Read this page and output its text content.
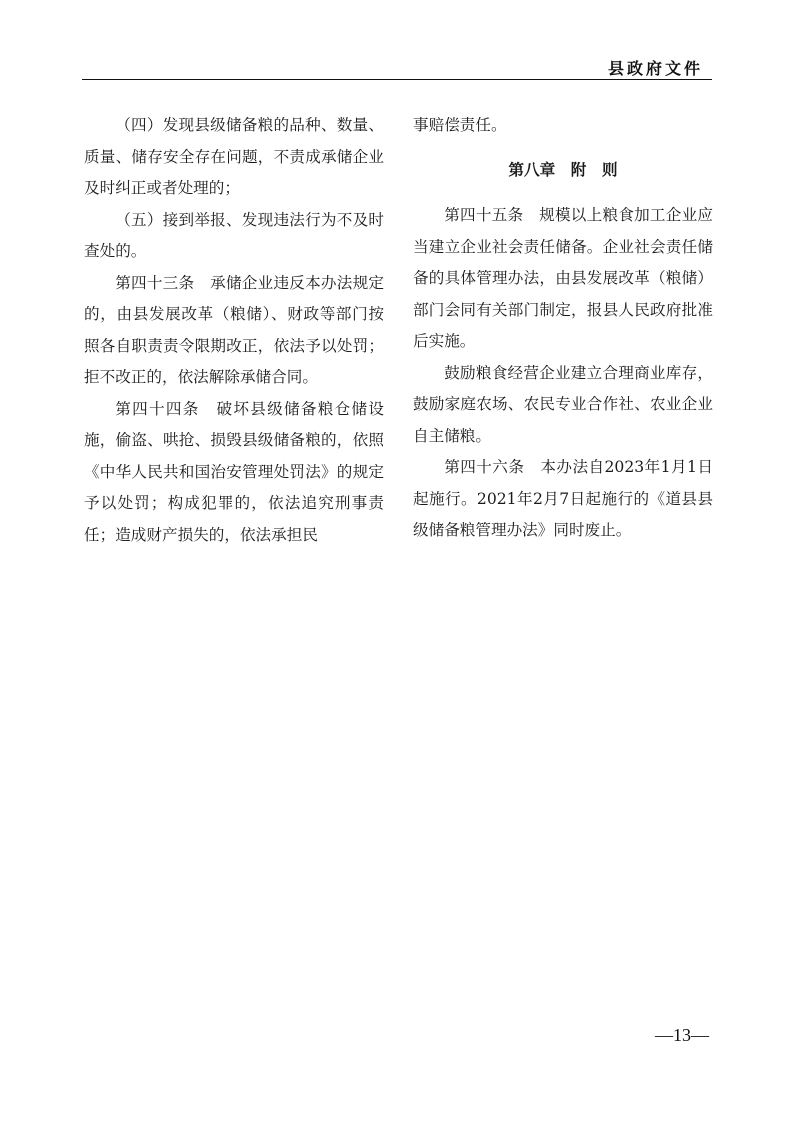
县政府文件

（四）发现县级储备粮的品种、数量、质量、储存安全存在问题，不责成承储企业及时纠正或者处理的；

（五）接到举报、发现违法行为不及时查处的。

第四十三条　承储企业违反本办法规定的，由县发展改革（粮储）、财政等部门按照各自职责责令限期改正，依法予以处罚；拒不改正的，依法解除承储合同。

第四十四条　破坏县级储备粮仓储设施，偷盗、哄抢、损毁县级储备粮的，依照《中华人民共和国治安管理处罚法》的规定予以处罚；构成犯罪的，依法追究刑事责任；造成财产损失的，依法承担民

事赔偿责任。

第八章　附　则

第四十五条　规模以上粮食加工企业应当建立企业社会责任储备。企业社会责任储备的具体管理办法，由县发展改革（粮储）部门会同有关部门制定，报县人民政府批准后实施。

鼓励粮食经营企业建立合理商业库存，鼓励家庭农场、农民专业合作社、农业企业自主储粮。

第四十六条　本办法自2023年1月1日起施行。2021年2月7日起施行的《道县县级储备粮管理办法》同时废止。

—13—
